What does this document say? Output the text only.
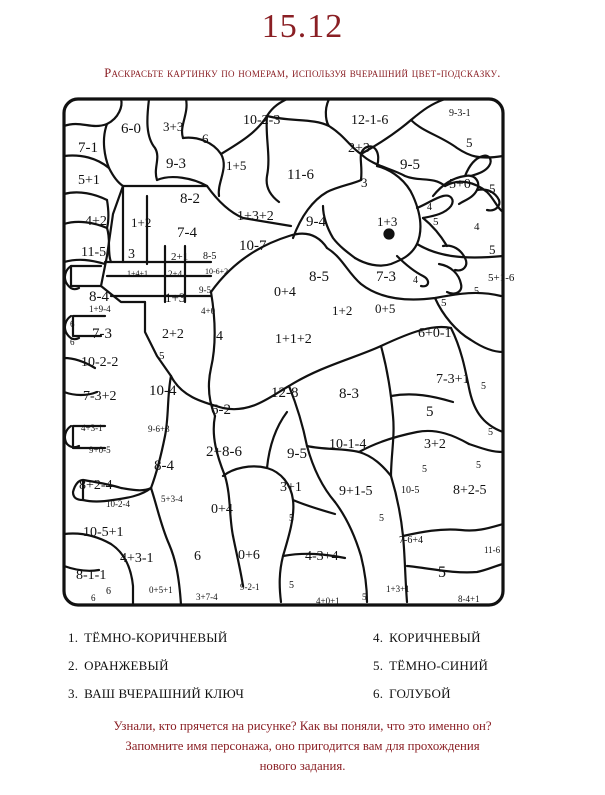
15.12
Раскрасьте картинку по номерам, используя вчерашний цвет-подсказку.
6-0 3+3	10-2-3	12-1-6	9-3-1
7-1
6
9-3
2+3	5
1+5	9-5
5+1	11-6	3	5+0 5
8-2
4+2 1+2	1+3+2 9-4	1+3
4
5
7-4
10-7
4
5
11-5 3	2+1 8-5
8-5	7-3
1+4+1 2+4	10-6+2
4	5+1-6
8-4	1+3 9-5	0+4	5
4+0
1+9-4	1+2 0+5	5
6
7-3	2+2 4	1+1+2	6+0-1
6
10-2-2	5
7-3+1
7-3+2 10-4	12-8	8-3	5
6-2	5
4+3-1	9-6+3	5
10-1-4	3+2
9+0-5	2+8-6	9-5
8-4	5	5
8+2-4	3+1	9+1-5	10-5 8+2-5
10-2-4	5+3-4
0+4
5	5
10-5+1
7-6+4
4+3-1	6	0+6	4-3+4	11-6
8-1-1	5
6	0+5+1
3+7-4
9-2-1	5
4+0+1
1+3+1
8-4+1
6	5
1. ТЁМНО-КОРИЧНЕВЫЙ
2. ОРАНЖЕВЫЙ
3. ВАШ ВЧЕРАШНИЙ КЛЮЧ
4. КОРИЧНЕВЫЙ
5. ТЁМНО-СИНИЙ
6. ГОЛУБОЙ

Узнали, кто прячется на рисунке? Как вы поняли, что это именно он?

Запомните имя персонажа, оно пригодится вам для прохождения

нового задания.
